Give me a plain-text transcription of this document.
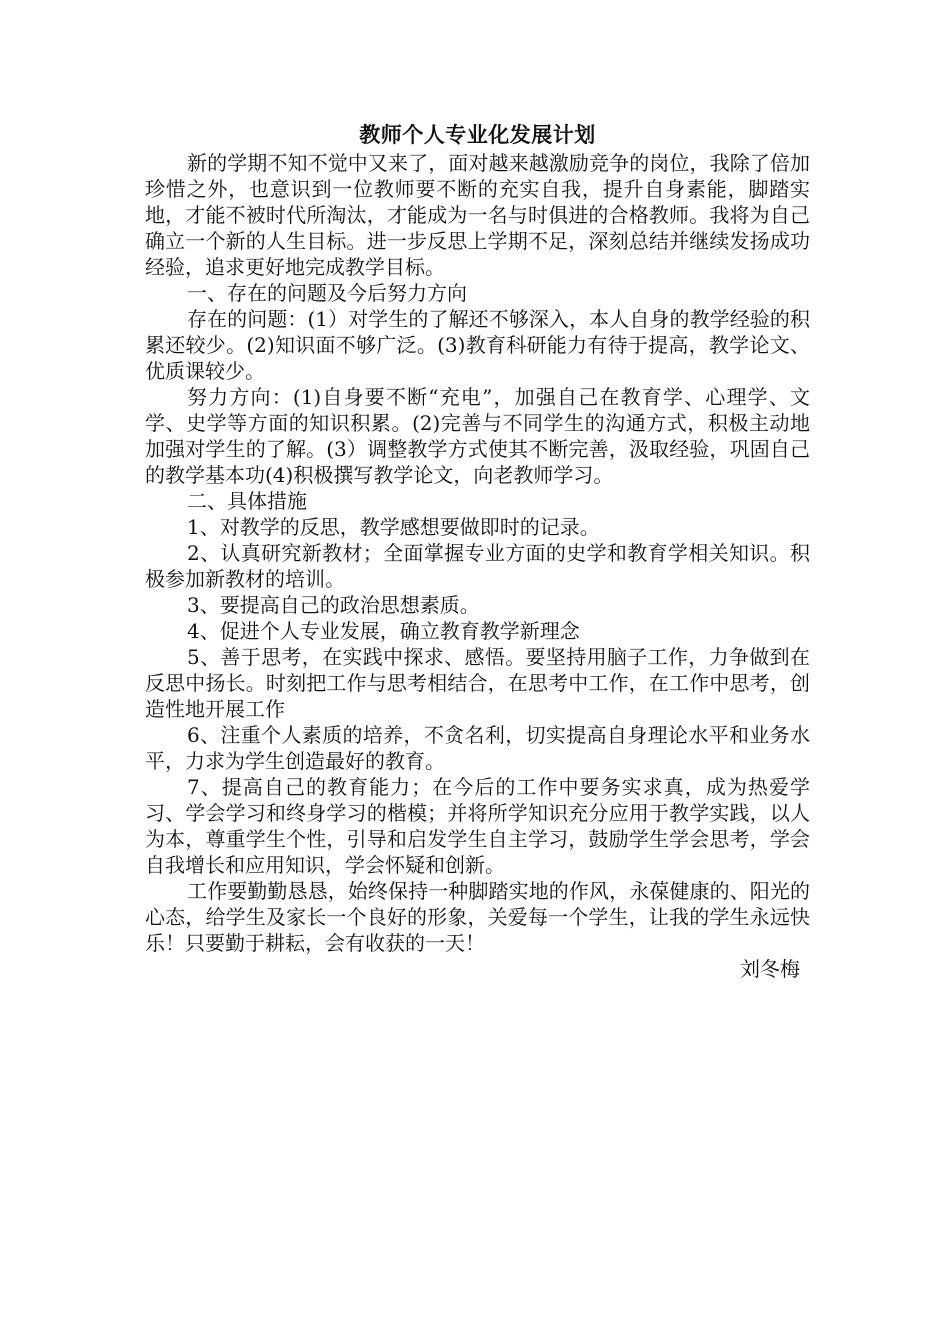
教师个人专业化发展计划

新的学期不知不觉中又来了，面对越来越激励竞争的岗位，我除了倍加珍惜之外，也意识到一位教师要不断的充实自我，提升自身素能，脚踏实地，才能不被时代所淘汰，才能成为一名与时俱进的合格教师。我将为自己确立一个新的人生目标。进一步反思上学期不足，深刻总结并继续发扬成功经验，追求更好地完成教学目标。

一、存在的问题及今后努力方向

存在的问题：(1）对学生的了解还不够深入，本人自身的教学经验的积累还较少。(2)知识面不够广泛。(3)教育科研能力有待于提高，教学论文、优质课较少。

努力方向：(1)自身要不断“充电”，加强自己在教育学、心理学、文学、史学等方面的知识积累。(2)完善与不同学生的沟通方式，积极主动地加强对学生的了解。(3）调整教学方式使其不断完善，汲取经验，巩固自己的教学基本功(4)积极撰写教学论文，向老教师学习。

二、具体措施

1、对教学的反思，教学感想要做即时的记录。

2、认真研究新教材；全面掌握专业方面的史学和教育学相关知识。积极参加新教材的培训。

3、要提高自己的政治思想素质。

4、促进个人专业发展，确立教育教学新理念

5、善于思考，在实践中探求、感悟。要坚持用脑子工作，力争做到在反思中扬长。时刻把工作与思考相结合，在思考中工作，在工作中思考，创造性地开展工作

6、注重个人素质的培养，不贪名利，切实提高自身理论水平和业务水平，力求为学生创造最好的教育。

7、提高自己的教育能力；在今后的工作中要务实求真，成为热爱学习、学会学习和终身学习的楷模；并将所学知识充分应用于教学实践，以人为本，尊重学生个性，引导和启发学生自主学习，鼓励学生学会思考，学会自我增长和应用知识，学会怀疑和创新。

工作要勤勤恳恳，始终保持一种脚踏实地的作风，永葆健康的、阳光的心态，给学生及家长一个良好的形象，关爱每一个学生，让我的学生永远快乐！只要勤于耕耘，会有收获的一天！

刘冬梅
